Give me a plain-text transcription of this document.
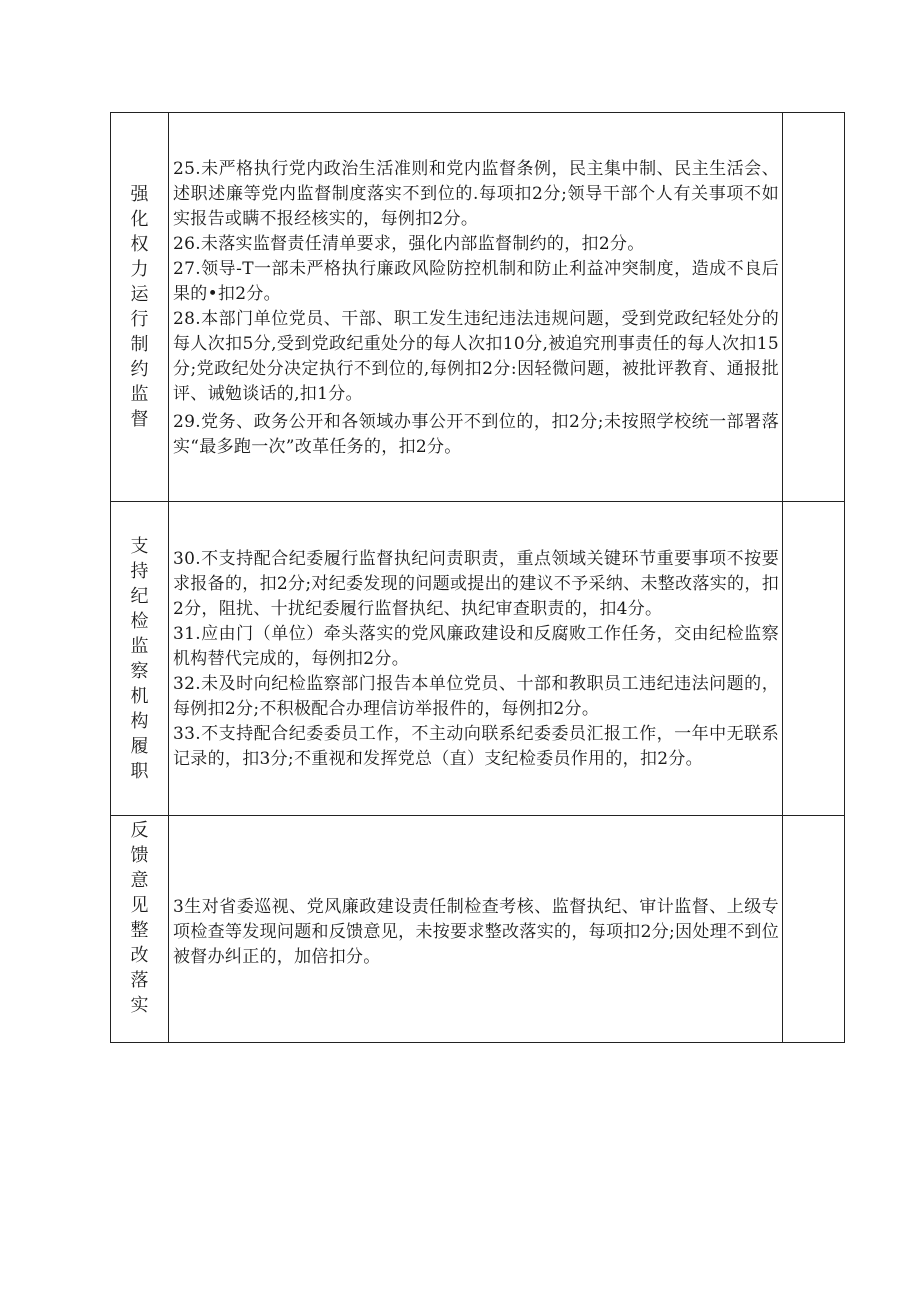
强化权力运行制约监督	25.未严格执行党内政治生活准则和党内监督条例，民主集中制、民主生活会、述职述廉等党内监督制度落实不到位的.每项扣2分;领导干部个人有关事项不如实报告或瞒不报经核实的，每例扣2分。

26.未落实监督责任清单要求，强化内部监督制约的，扣2分。

27.领导-T一部未严格执行廉政风险防控机制和防止利益冲突制度，造成不良后果的•扣2分。

28.本部门单位党员、干部、职工发生违纪违法违规问题，受到党政纪轻处分的每人次扣5分,受到党政纪重处分的每人次扣10分,被追究刑事责任的每人次扣15分;党政纪处分决定执行不到位的,每例扣2分:因轻微问题，被批评教育、通报批评、诫勉谈话的,扣1分。

29.党务、政务公开和各领域办事公开不到位的，扣2分;未按照学校统一部署落实“最多跑一次”改革任务的，扣2分。	

支持纪检监察机构履职	30.不支持配合纪委履行监督执纪问责职责，重点领域关键环节重要事项不按要求报备的，扣2分;对纪委发现的问题或提出的建议不予采纳、未整改落实的，扣2分，阻扰、十扰纪委履行监督执纪、执纪审查职责的，扣4分。

31.应由门（单位）牵头落实的党风廉政建设和反腐败工作任务，交由纪检监察机构替代完成的，每例扣2分。

32.未及时向纪检监察部门报告本单位党员、十部和教职员工违纪违法问题的，每例扣2分;不积极配合办理信访举报件的，每例扣2分。

33.不支持配合纪委委员工作，不主动向联系纪委委员汇报工作，一年中无联系记录的，扣3分;不重视和发挥党总（直）支纪检委员作用的，扣2分。	

反馈意见整改落实	3生对省委巡视、党风廉政建设责任制检查考核、监督执纪、审计监督、上级专项检查等发现问题和反馈意见，未按要求整改落实的，每项扣2分;因处理不到位被督办纠正的，加倍扣分。	
